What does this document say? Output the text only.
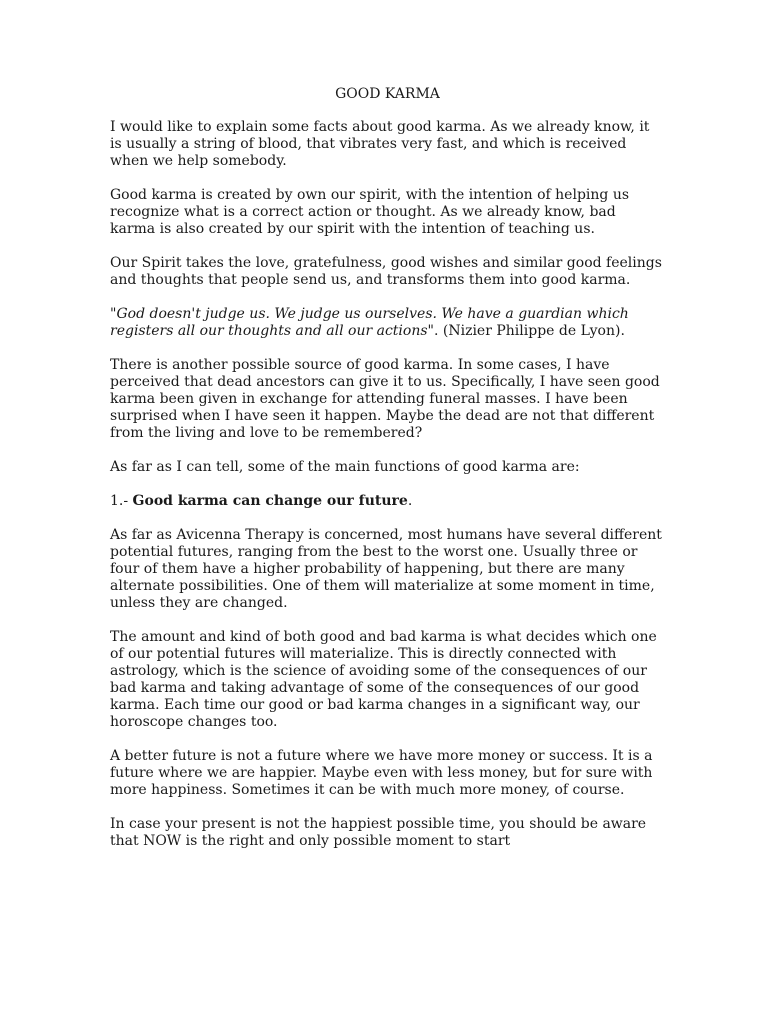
GOOD KARMA

I would like to explain some facts about good karma. As we already know, it is usually a string of blood, that vibrates very fast, and which is received when we help somebody.

Good karma is created by own our spirit, with the intention of helping us recognize what is a correct action or thought. As we already know, bad karma is also created by our spirit with the intention of teaching us.

Our Spirit takes the love, gratefulness, good wishes and similar good feelings and thoughts that people send us, and transforms them into good karma.

"God doesn't judge us. We judge us ourselves. We have a guardian which registers all our thoughts and all our actions". (Nizier Philippe de Lyon).

There is another possible source of good karma. In some cases, I have perceived that dead ancestors can give it to us. Specifically, I have seen good karma been given in exchange for attending funeral masses. I have been surprised when I have seen it happen. Maybe the dead are not that different from the living and love to be remembered?

As far as I can tell, some of the main functions of good karma are:

1.- Good karma can change our future.

As far as Avicenna Therapy is concerned, most humans have several different potential futures, ranging from the best to the worst one. Usually three or four of them have a higher probability of happening, but there are many alternate possibilities. One of them will materialize at some moment in time, unless they are changed.

The amount and kind of both good and bad karma is what decides which one of our potential futures will materialize. This is directly connected with astrology, which is the science of avoiding some of the consequences of our bad karma and taking advantage of some of the consequences of our good karma. Each time our good or bad karma changes in a significant way, our horoscope changes too.

A better future is not a future where we have more money or success. It is a future where we are happier. Maybe even with less money, but for sure with more happiness. Sometimes it can be with much more money, of course.

In case your present is not the happiest possible time, you should be aware that NOW is the right and only possible moment to start
